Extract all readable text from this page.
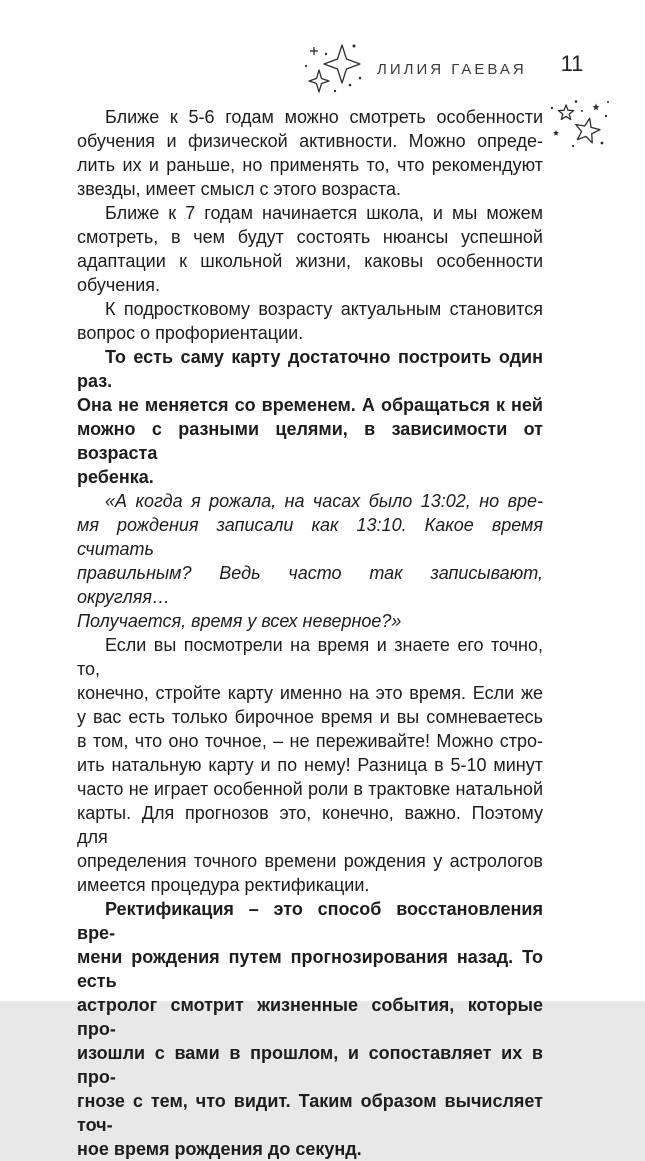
ЛИЛИЯ ГАЕВАЯ 11
Ближе к 5-6 годам можно смотреть особенности
обучения и физической активности. Можно опреде-
лить их и раньше, но применять то, что рекомендуют
звезды, имеет смысл с этого возраста.
Ближе к 7 годам начинается школа, и мы можем
смотреть, в чем будут состоять нюансы успешной
адаптации к школьной жизни, каковы особенности
обучения.
К подростковому возрасту актуальным становится
вопрос о профориентации.
То есть саму карту достаточно построить один раз.
Она не меняется со временем. А обращаться к ней
можно с разными целями, в зависимости от возраста
ребенка.
«А когда я рожала, на часах было 13:02, но вре-
мя рождения записали как 13:10. Какое время считать
правильным? Ведь часто так записывают, округляя…
Получается, время у всех неверное?»
Если вы посмотрели на время и знаете его точно, то,
конечно, стройте карту именно на это время. Если же
у вас есть только бирочное время и вы сомневаетесь
в том, что оно точное, – не переживайте! Можно стро-
ить натальную карту и по нему! Разница в 5-10 минут
часто не играет особенной роли в трактовке натальной
карты. Для прогнозов это, конечно, важно. Поэтому для
определения точного времени рождения у астрологов
имеется процедура ректификации.
Ректификация – это способ восстановления вре-
мени рождения путем прогнозирования назад. То есть
астролог смотрит жизненные события, которые про-
изошли с вами в прошлом, и сопоставляет их в про-
гнозе с тем, что видит. Таким образом вычисляет точ-
ное время рождения до секунд.
